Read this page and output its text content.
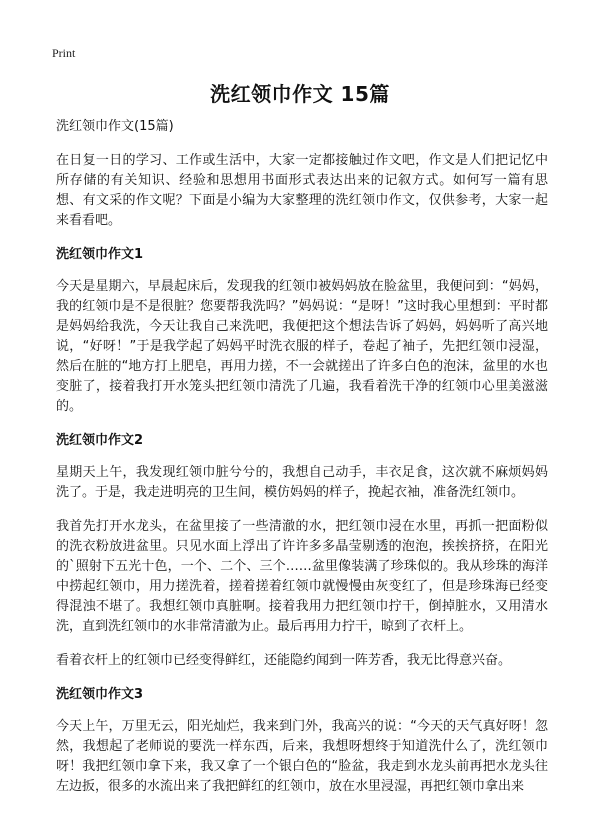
Print
洗红领巾作文 15篇
洗红领巾作文(15篇)

在日复一日的学习、工作或生活中，大家一定都接触过作文吧，作文是人们把记忆中所存储的有关知识、经验和思想用书面形式表达出来的记叙方式。如何写一篇有思想、有文采的作文呢？下面是小编为大家整理的洗红领巾作文，仅供参考，大家一起来看看吧。

洗红领巾作文1

今天是星期六，早晨起床后，发现我的红领巾被妈妈放在脸盆里，我便问到：“妈妈，我的红领巾是不是很脏？您要帮我洗吗？”妈妈说：“是呀！”这时我心里想到：平时都是妈妈给我洗，今天让我自己来洗吧，我便把这个想法告诉了妈妈，妈妈听了高兴地说，“好呀！”于是我学起了妈妈平时洗衣服的样子，卷起了袖子，先把红领巾浸湿，然后在脏的“地方打上肥皂，再用力搓，不一会就搓出了许多白色的泡沫，盆里的水也变脏了，接着我打开水笼头把红领巾清洗了几遍，我看着洗干净的红领巾心里美滋滋的。

洗红领巾作文2

星期天上午，我发现红领巾脏兮兮的，我想自己动手，丰衣足食，这次就不麻烦妈妈洗了。于是，我走进明亮的卫生间，模仿妈妈的样子，挽起衣袖，准备洗红领巾。

我首先打开水龙头，在盆里接了一些清澈的水，把红领巾浸在水里，再抓一把面粉似的洗衣粉放进盆里。只见水面上浮出了许许多多晶莹剔透的泡泡，挨挨挤挤，在阳光的`照射下五光十色，一个、二个、三个……盆里像装满了珍珠似的。我从珍珠的海洋中捞起红领巾，用力搓洗着，搓着搓着红领巾就慢慢由灰变红了，但是珍珠海已经变得混浊不堪了。我想红领巾真脏啊。接着我用力把红领巾拧干，倒掉脏水，又用清水洗，直到洗红领巾的水非常清澈为止。最后再用力拧干，晾到了衣杆上。

看着衣杆上的红领巾已经变得鲜红，还能隐约闻到一阵芳香，我无比得意兴奋。

洗红领巾作文3

今天上午，万里无云，阳光灿烂，我来到门外，我高兴的说：“今天的天气真好呀！忽然，我想起了老师说的要洗一样东西，后来，我想呀想终于知道洗什么了，洗红领巾呀！我把红领巾拿下来，我又拿了一个银白色的“脸盆，我走到水龙头前再把水龙头往左边扳，很多的水流出来了我把鲜红的红领巾，放在水里浸湿，再把红领巾拿出来
